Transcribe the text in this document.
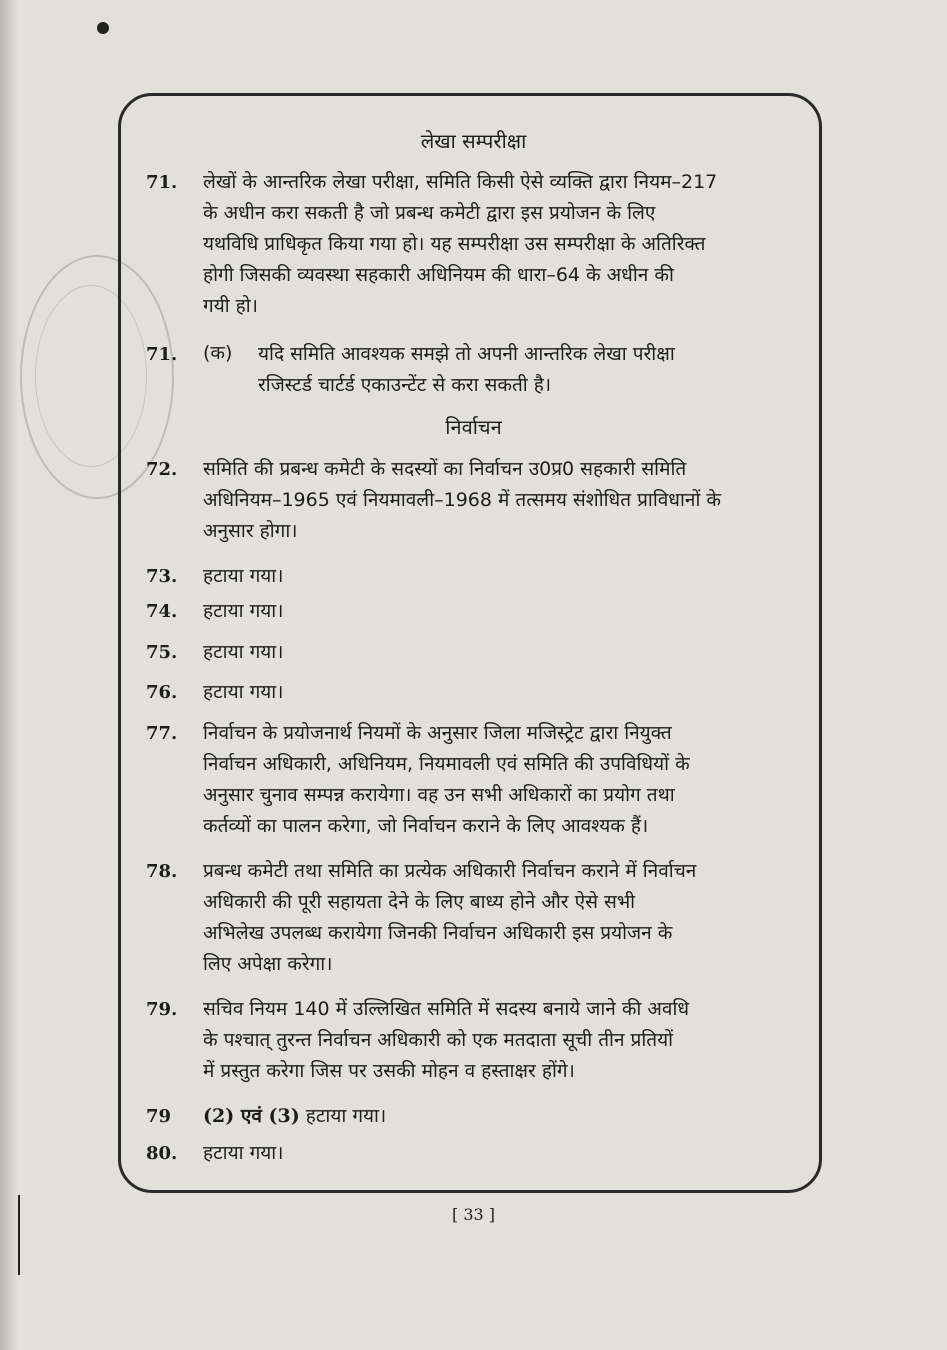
लेखा सम्परीक्षा
71. लेखों के आन्तरिक लेखा परीक्षा, समिति किसी ऐसे व्यक्ति द्वारा नियम–217
के अधीन करा सकती है जो प्रबन्ध कमेटी द्वारा इस प्रयोजन के लिए
यथविधि प्राधिकृत किया गया हो। यह सम्परीक्षा उस सम्परीक्षा के अतिरिक्त
होगी जिसकी व्यवस्था सहकारी अधिनियम की धारा–64 के अधीन की
गयी हो।
71. (क) यदि समिति आवश्यक समझे तो अपनी आन्तरिक लेखा परीक्षा
रजिस्टर्ड चार्टर्ड एकाउन्टेंट से करा सकती है।
निर्वाचन
72. समिति की प्रबन्ध कमेटी के सदस्यों का निर्वाचन उ0प्र0 सहकारी समिति
अधिनियम–1965 एवं नियमावली–1968 में तत्समय संशोधित प्राविधानों के
अनुसार होगा।
73. हटाया गया।
74. हटाया गया।
75. हटाया गया।
76. हटाया गया।
77. निर्वाचन के प्रयोजनार्थ नियमों के अनुसार जिला मजिस्ट्रेट द्वारा नियुक्त
निर्वाचन अधिकारी, अधिनियम, नियमावली एवं समिति की उपविधियों के
अनुसार चुनाव सम्पन्न करायेगा। वह उन सभी अधिकारों का प्रयोग तथा
कर्तव्यों का पालन करेगा, जो निर्वाचन कराने के लिए आवश्यक हैं।
78. प्रबन्ध कमेटी तथा समिति का प्रत्येक अधिकारी निर्वाचन कराने में निर्वाचन
अधिकारी की पूरी सहायता देने के लिए बाध्य होने और ऐसे सभी
अभिलेख उपलब्ध करायेगा जिनकी निर्वाचन अधिकारी इस प्रयोजन के
लिए अपेक्षा करेगा।
79. सचिव नियम 140 में उल्लिखित समिति में सदस्य बनाये जाने की अवधि
के पश्चात् तुरन्त निर्वाचन अधिकारी को एक मतदाता सूची तीन प्रतियों
में प्रस्तुत करेगा जिस पर उसकी मोहन व हस्ताक्षर होंगे।
79 (2) एवं (3) हटाया गया।
80. हटाया गया।
[ 33 ]
